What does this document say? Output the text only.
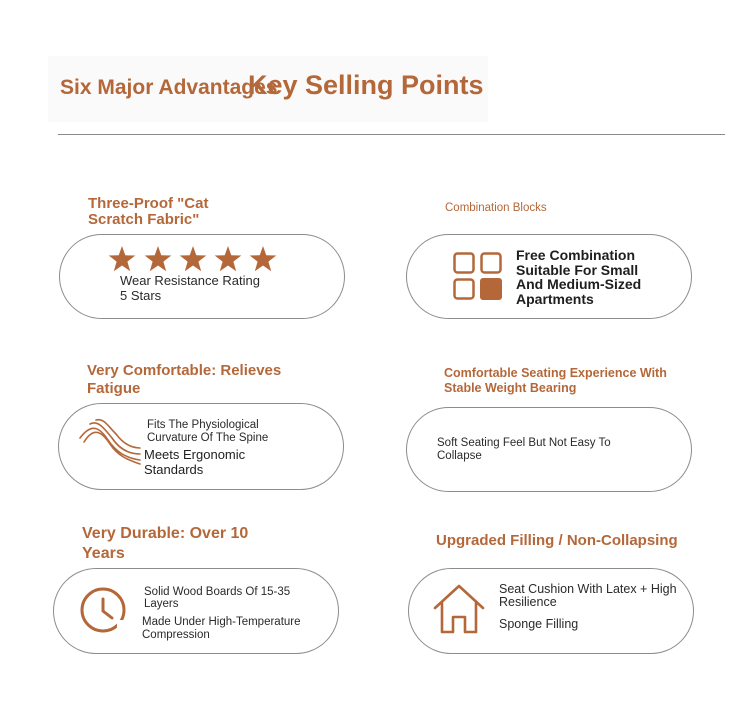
Six Major Advantages
Key Selling Points
Three-Proof "Cat Scratch Fabric"
Wear Resistance Rating
5 Stars
Combination Blocks
Free Combination Suitable For Small And Medium-Sized Apartments
Very Comfortable: Relieves Fatigue
Fits The Physiological Curvature Of The Spine
Meets Ergonomic Standards
Comfortable Seating Experience With Stable Weight Bearing
Soft Seating Feel But Not Easy To Collapse
Very Durable: Over 10 Years
Solid Wood Boards Of 15-35 Layers
Made Under High-Temperature Compression
Upgraded Filling / Non-Collapsing
Seat Cushion With Latex + High Resilience
Sponge Filling
